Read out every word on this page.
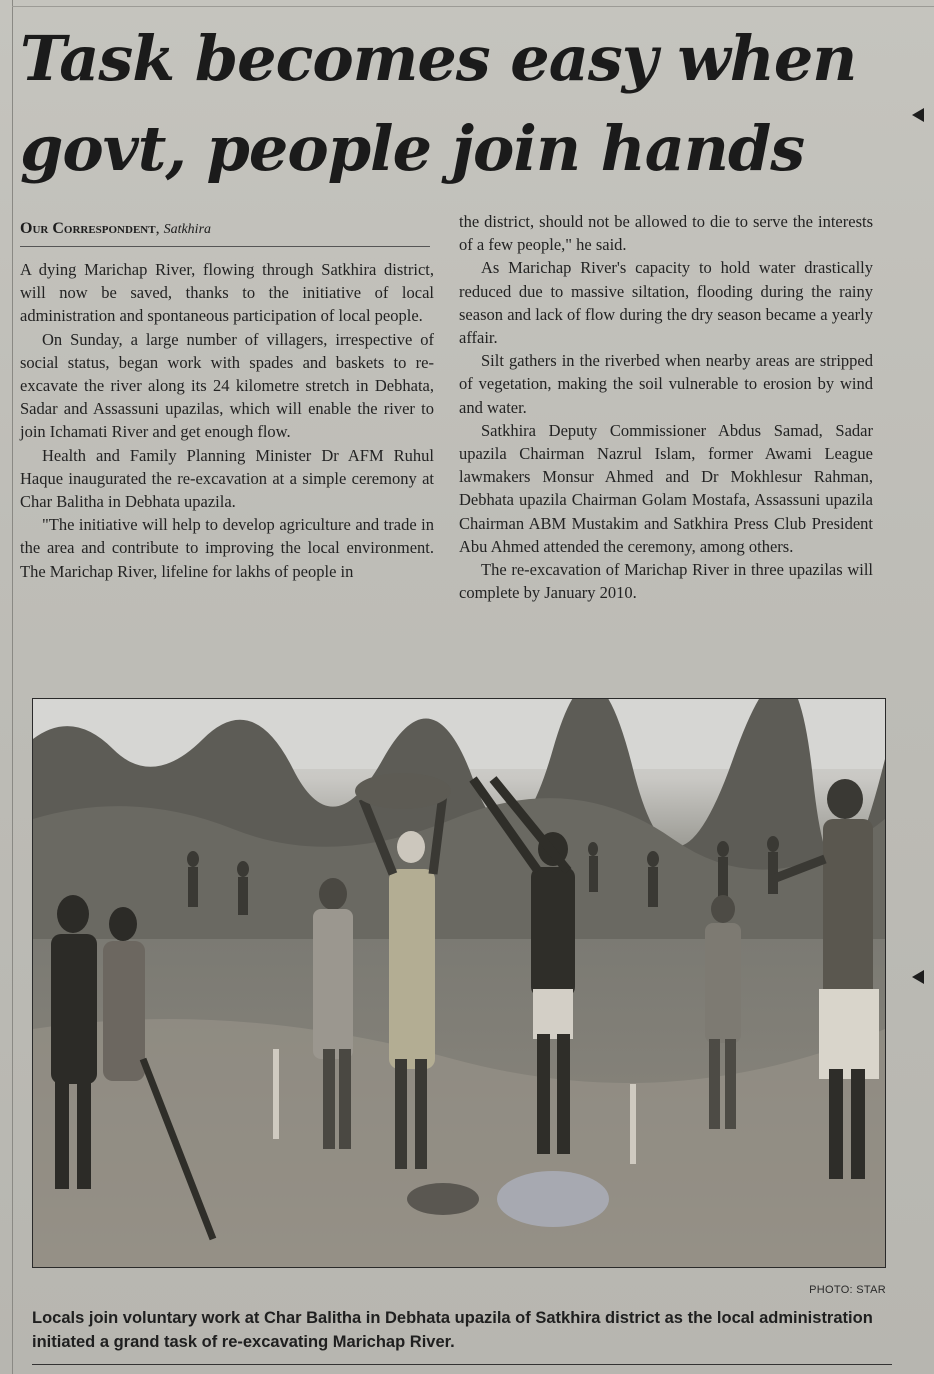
Task becomes easy when govt, people join hands
Our Correspondent, Satkhira

A dying Marichap River, flowing through Satkhira district, will now be saved, thanks to the initiative of local administration and spontaneous participation of local people.

On Sunday, a large number of villagers, irrespective of social status, began work with spades and baskets to re-excavate the river along its 24 kilometre stretch in Debhata, Sadar and Assassuni upazilas, which will enable the river to join Ichamati River and get enough flow.

Health and Family Planning Minister Dr AFM Ruhul Haque inaugurated the re-excavation at a simple ceremony at Char Balitha in Debhata upazila.

"The initiative will help to develop agriculture and trade in the area and contribute to improving the local environment. The Marichap River, lifeline for lakhs of people in

the district, should not be allowed to die to serve the interests of a few people," he said.

As Marichap River's capacity to hold water drastically reduced due to massive siltation, flooding during the rainy season and lack of flow during the dry season became a yearly affair.

Silt gathers in the riverbed when nearby areas are stripped of vegetation, making the soil vulnerable to erosion by wind and water.

Satkhira Deputy Commissioner Abdus Samad, Sadar upazila Chairman Nazrul Islam, former Awami League lawmakers Monsur Ahmed and Dr Mokhlesur Rahman, Debhata upazila Chairman Golam Mostafa, Assassuni upazila Chairman ABM Mustakim and Satkhira Press Club President Abu Ahmed attended the ceremony, among others.

The re-excavation of Marichap River in three upazilas will complete by January 2010.

PHOTO: STAR

Locals join voluntary work at Char Balitha in Debhata upazila of Satkhira district as the local administration initiated a grand task of re-excavating Marichap River.
